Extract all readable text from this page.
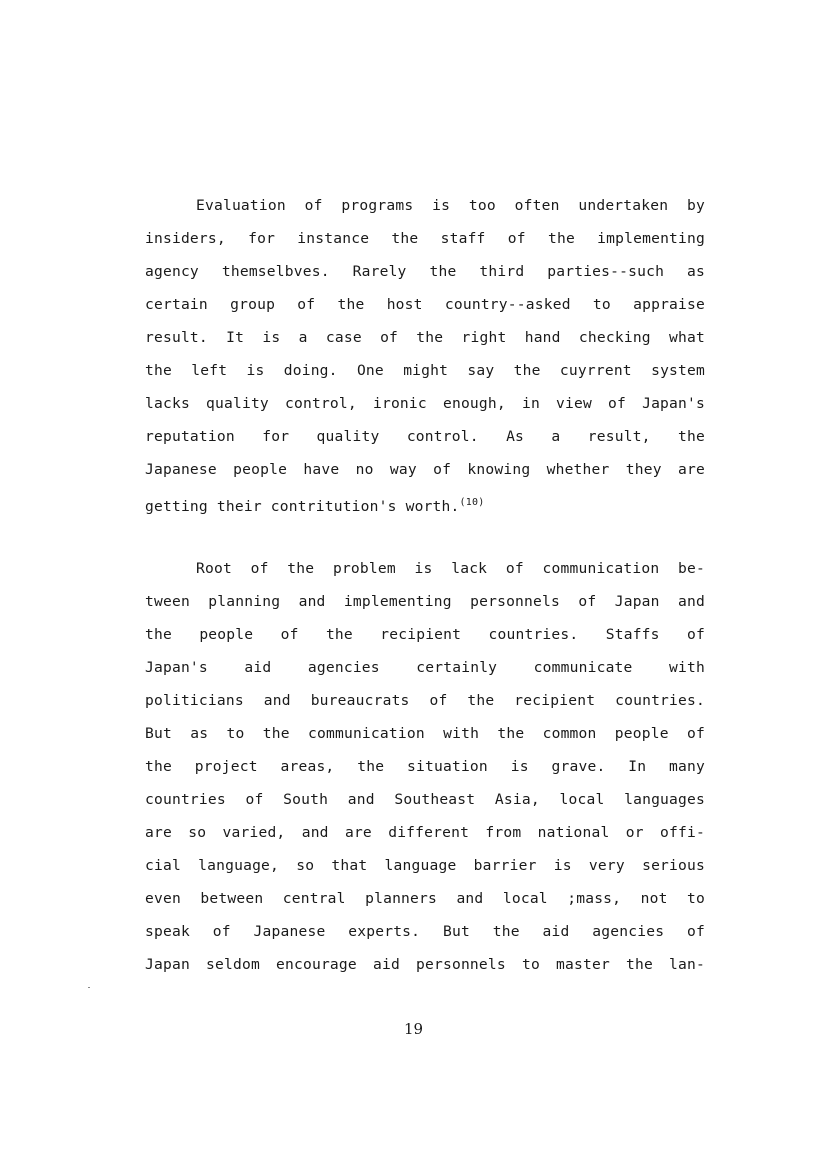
Evaluation of programs is too often undertaken by
insiders, for instance the staff of the implementing
agency themselbves. Rarely the third parties--such as
certain group of the host country--asked to appraise
result. It is a case of the right hand checking what
the left is doing. One might say the cuyrrent system
lacks quality control, ironic enough, in view of Japan's
reputation for quality control. As a result, the
Japanese people have no way of knowing whether they are
getting their contritution's worth.$^{(10)}$
Root of the problem is lack of communication be-
tween planning and implementing personnels of Japan and
the people of the recipient countries. Staffs of
Japan's aid agencies certainly communicate with
politicians and bureaucrats of the recipient countries.
But as to the communication with the common people of
the project areas, the situation is grave. In many
countries of South and Southeast Asia, local languages
are so varied, and are different from national or offi-
cial language, so that language barrier is very serious
even between central planners and local ;mass, not to
speak of Japanese experts. But the aid agencies of
Japan seldom encourage aid personnels to master the lan-
19
